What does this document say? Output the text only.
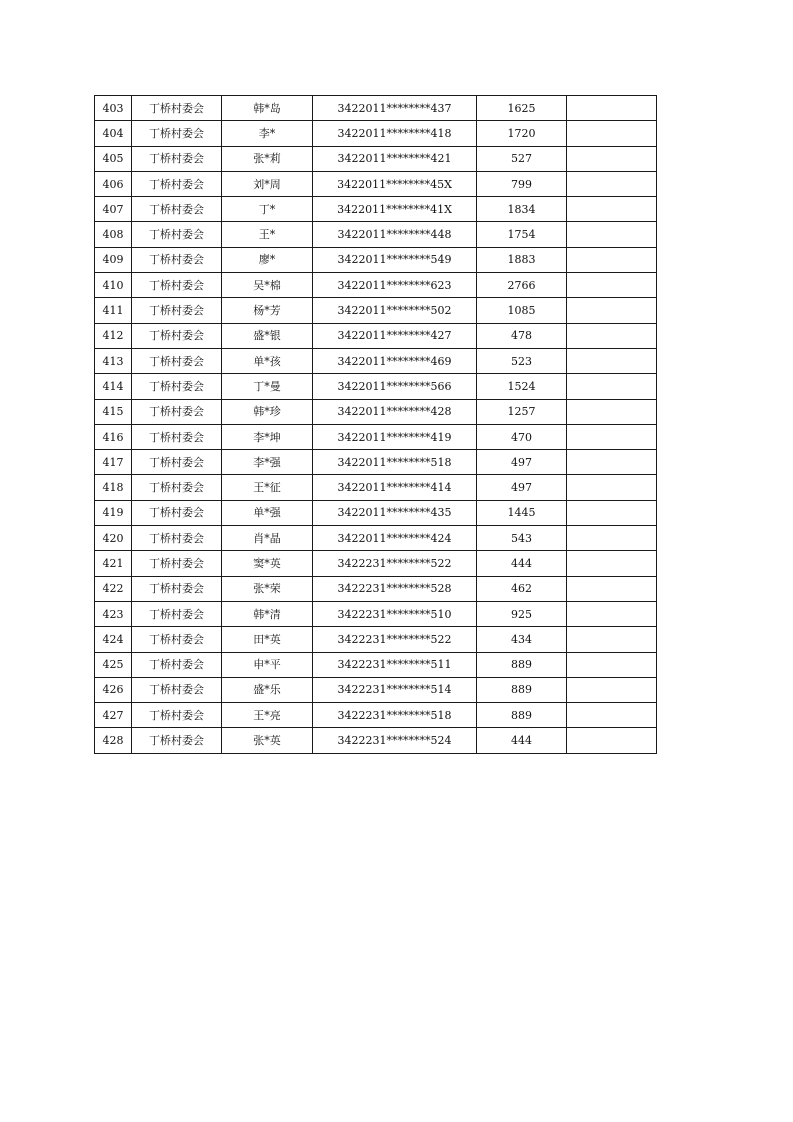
403	丁桥村委会	韩*岛	3422011********437	1625	
404	丁桥村委会	李*	3422011********418	1720	
405	丁桥村委会	张*莉	3422011********421	527	
406	丁桥村委会	刘*周	3422011********45X	799	
407	丁桥村委会	丁*	3422011********41X	1834	
408	丁桥村委会	王*	3422011********448	1754	
409	丁桥村委会	廖*	3422011********549	1883	
410	丁桥村委会	吴*棉	3422011********623	2766	
411	丁桥村委会	杨*芳	3422011********502	1085	
412	丁桥村委会	盛*银	3422011********427	478	
413	丁桥村委会	单*孩	3422011********469	523	
414	丁桥村委会	丁*曼	3422011********566	1524	
415	丁桥村委会	韩*珍	3422011********428	1257	
416	丁桥村委会	李*坤	3422011********419	470	
417	丁桥村委会	李*强	3422011********518	497	
418	丁桥村委会	王*征	3422011********414	497	
419	丁桥村委会	单*强	3422011********435	1445	
420	丁桥村委会	肖*晶	3422011********424	543	
421	丁桥村委会	窦*英	3422231********522	444	
422	丁桥村委会	张*荣	3422231********528	462	
423	丁桥村委会	韩*清	3422231********510	925	
424	丁桥村委会	田*英	3422231********522	434	
425	丁桥村委会	申*平	3422231********511	889	
426	丁桥村委会	盛*乐	3422231********514	889	
427	丁桥村委会	王*亮	3422231********518	889	
428	丁桥村委会	张*英	3422231********524	444	
